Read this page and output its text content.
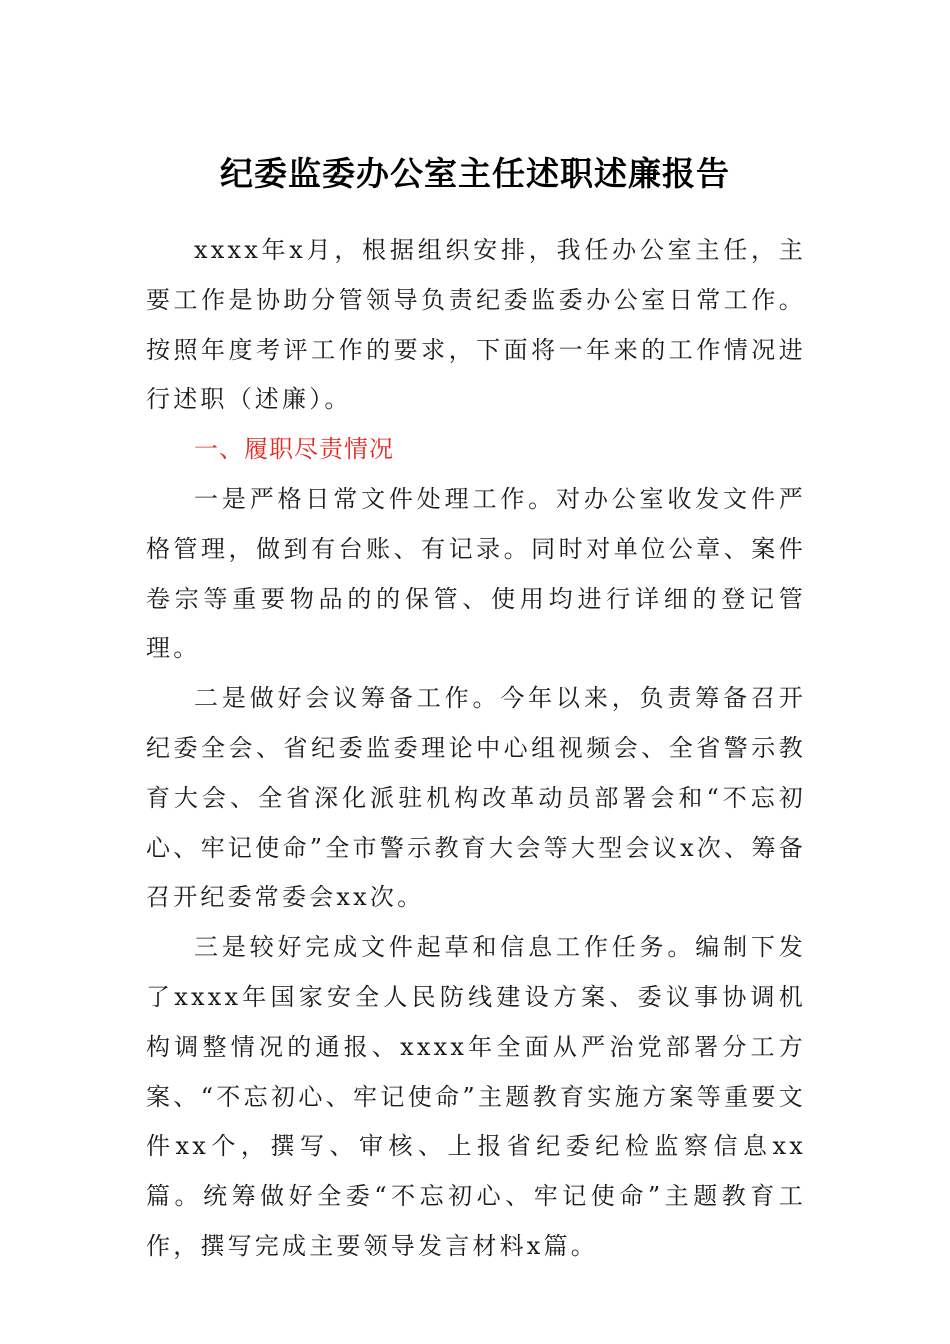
纪委监委办公室主任述职述廉报告

xxxx年x月，根据组织安排，我任办公室主任，主要工作是协助分管领导负责纪委监委办公室日常工作。按照年度考评工作的要求，下面将一年来的工作情况进行述职（述廉）。

一、履职尽责情况

一是严格日常文件处理工作。对办公室收发文件严格管理，做到有台账、有记录。同时对单位公章、案件卷宗等重要物品的的保管、使用均进行详细的登记管理。

二是做好会议筹备工作。今年以来，负责筹备召开纪委全会、省纪委监委理论中心组视频会、全省警示教育大会、全省深化派驻机构改革动员部署会和“不忘初心、牢记使命”全市警示教育大会等大型会议x次、筹备召开纪委常委会xx次。

三是较好完成文件起草和信息工作任务。编制下发了xxxx年国家安全人民防线建设方案、委议事协调机构调整情况的通报、xxxx年全面从严治党部署分工方案、“不忘初心、牢记使命”主题教育实施方案等重要文件xx个，撰写、审核、上报省纪委纪检监察信息xx篇。统筹做好全委“不忘初心、牢记使命”主题教育工作，撰写完成主要领导发言材料x篇。
